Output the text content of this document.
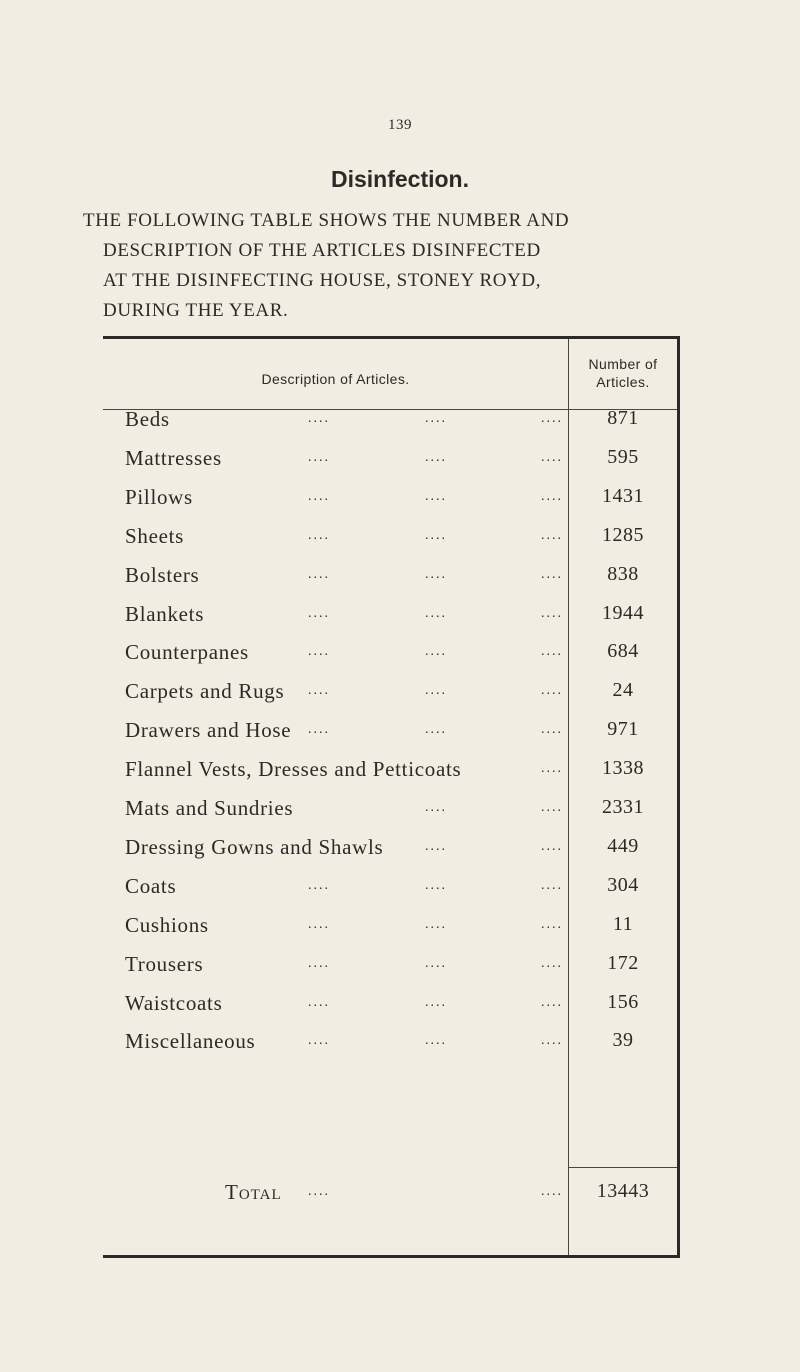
139
Disinfection.

THE FOLLOWING TABLE SHOWS THE NUMBER AND
DESCRIPTION OF THE ARTICLES DISINFECTED
AT THE DISINFECTING HOUSE, STONEY ROYD,
DURING THE YEAR.

Description of Articles.
Number of
Articles.
Beds	....	....	....	871
Mattresses	....	....	....	595
Pillows	....	....	....	1431
Sheets	....	....	....	1285
Bolsters	....	....	....	838
Blankets	....	....	....	1944
Counterpanes	....	....	....	684
Carpets and Rugs ....	....	....	24
Drawers and Hose ....	....	....	971
Flannel Vests, Dresses and Petticoats	....	1338
Mats and Sundries	....	....	2331
Dressing Gowns and Shawls	....	....	449
Coats	....	....	....	304
Cushions	....	....	....	11
Trousers	....	....	....	172
Waistcoats	....	....	....	156
Miscellaneous	....	....	....	39
Total ....	....	13443
